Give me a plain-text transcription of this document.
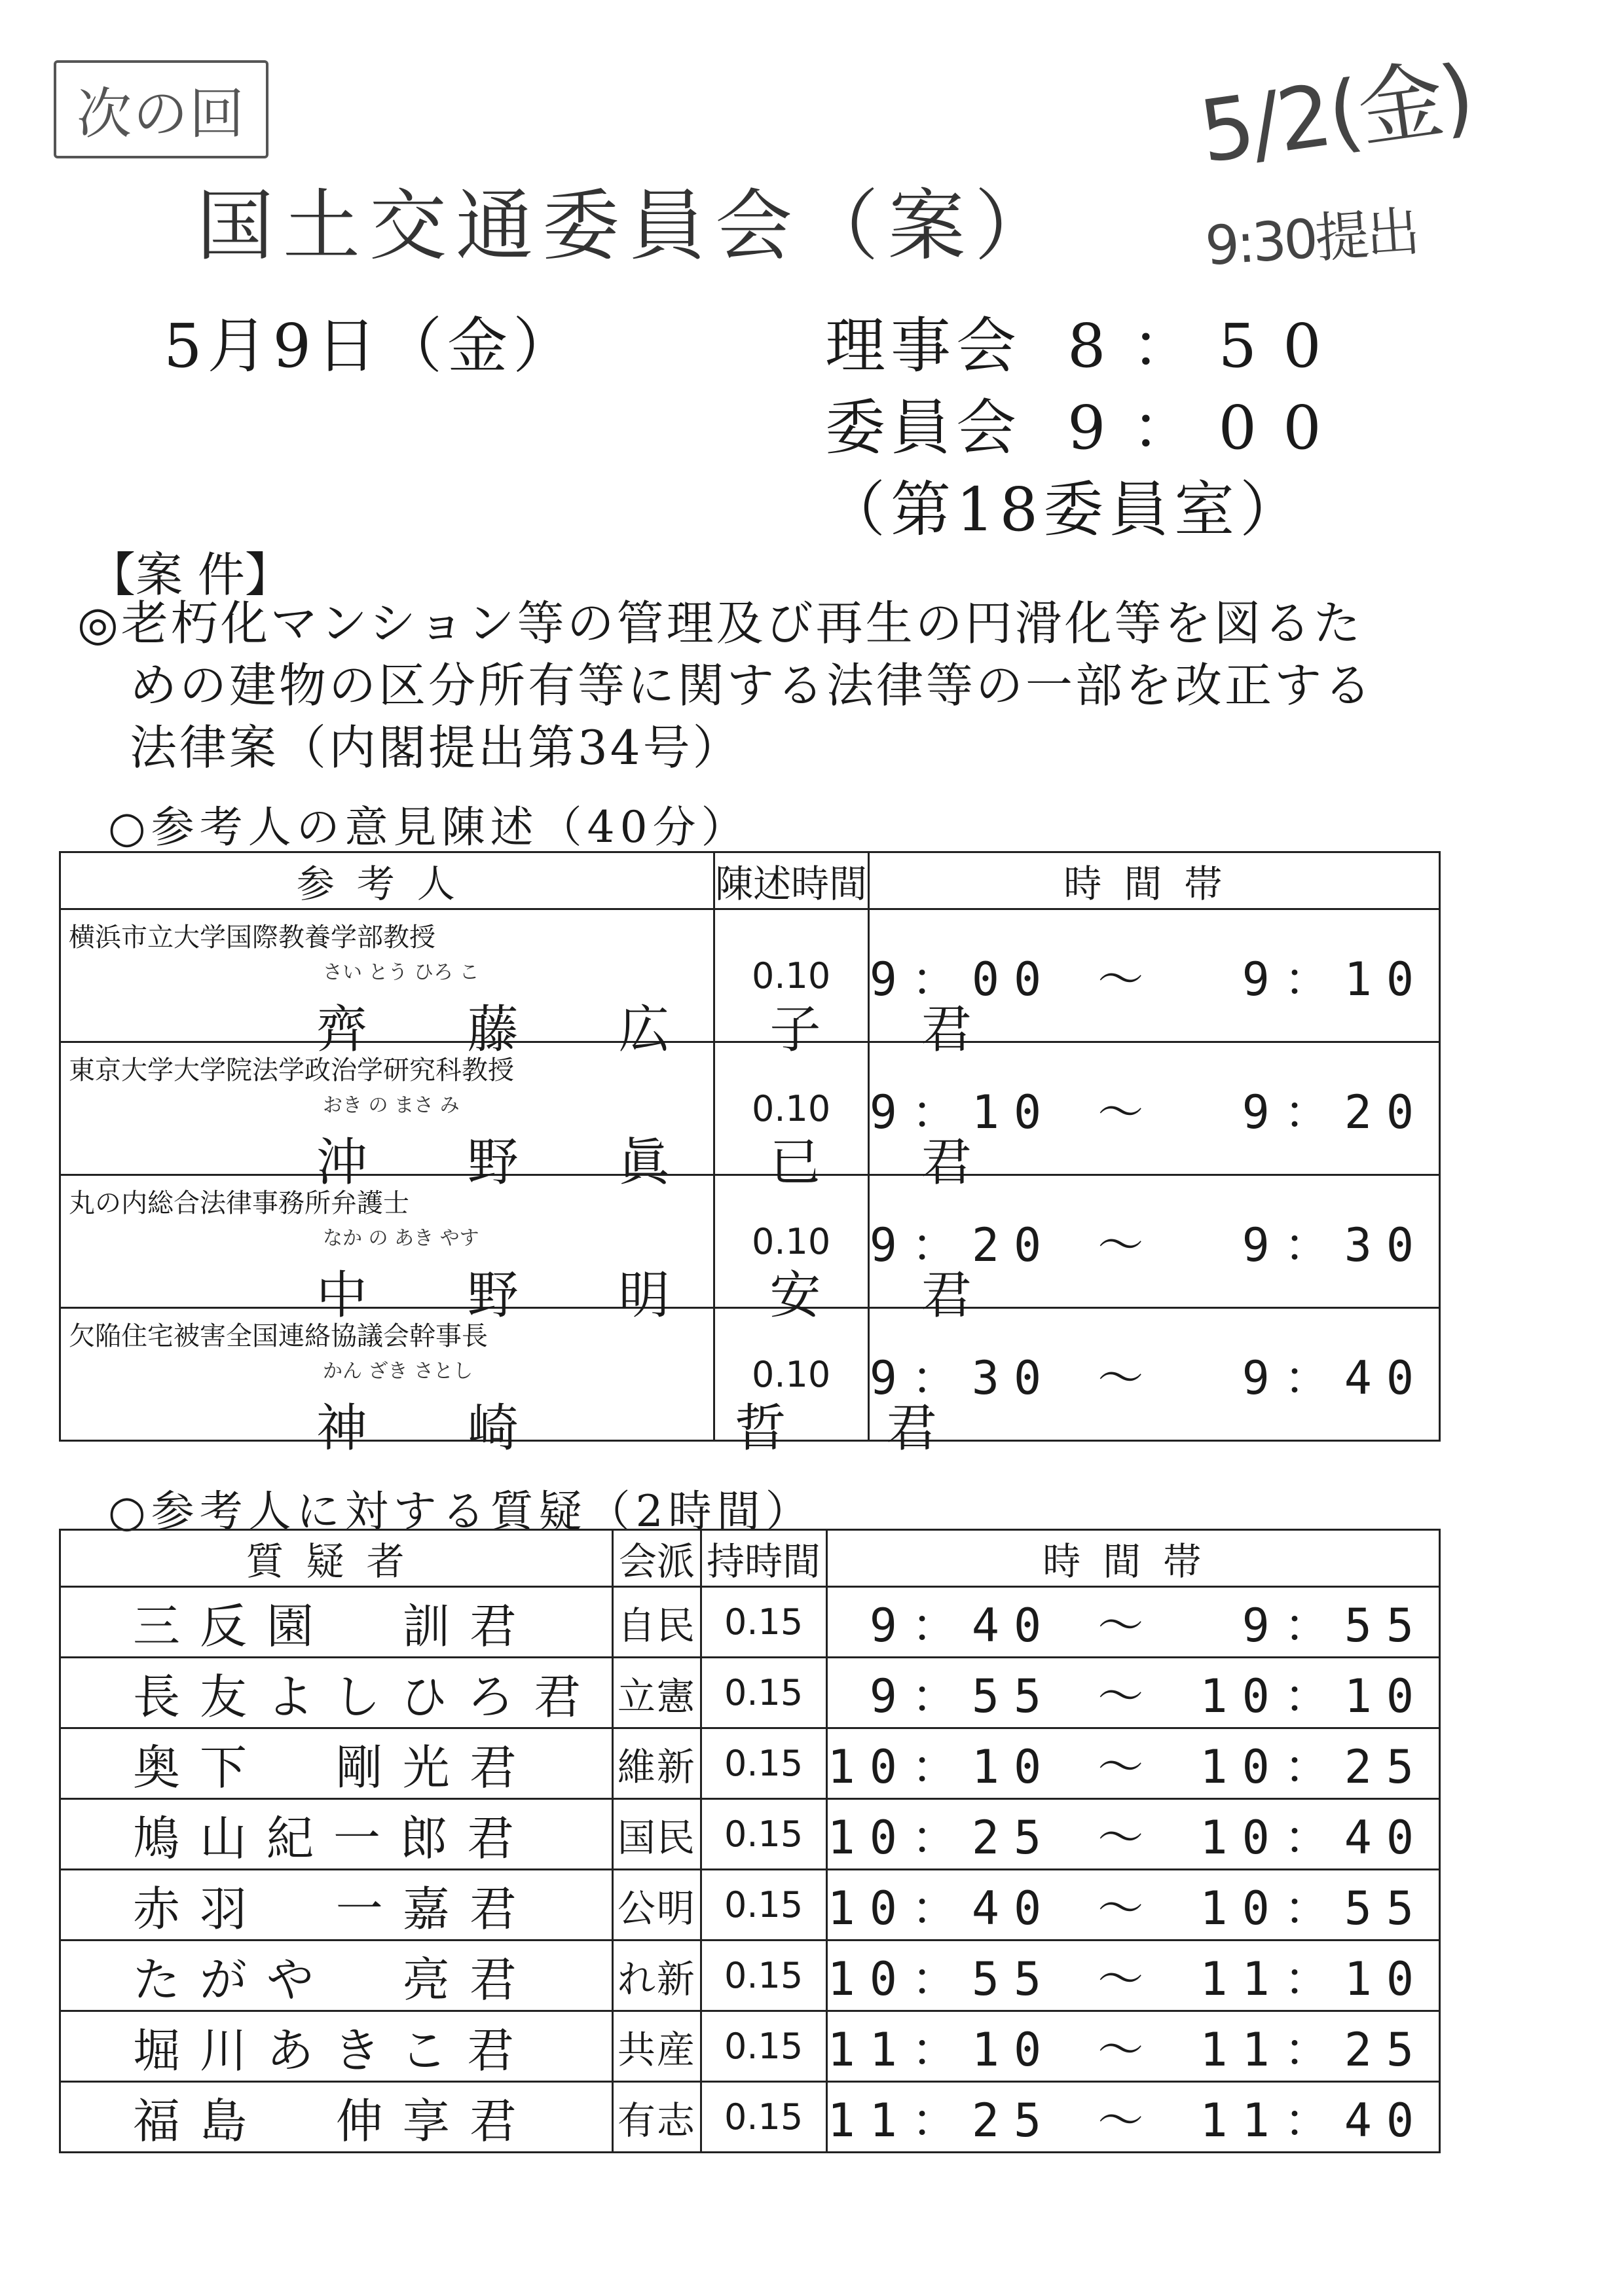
次の回	5/2(金)
9:30提出
国土交通委員会（案）
5月9日（金）	理事会 8：50
委員会 9：00
（第18委員室）
【案 件】
◎老朽化マンション等の管理及び再生の円滑化等を図るた
めの建物の区分所有等に関する法律等の一部を改正する
法律案（内閣提出第34号）
○参考人の意見陳述（40分）
参考人	陳述時間	時間帯

横浜市立大学国際教養学部教授
さい とう ひろ こ
齊 藤 広 子 君	0.10	9：00 ～  9：10

東京大学大学院法学政治学研究科教授
おき の まさ み
沖 野 眞 已 君	0.10	9：10 ～  9：20

丸の内総合法律事務所弁護士
なか の あき やす
中 野 明 安 君	0.10	9：20 ～  9：30

欠陥住宅被害全国連絡協議会幹事長
かん ざき さとし
神 崎   哲 君	0.10	9：30 ～  9：40
○参考人に対する質疑（2時間）
質疑者	会派	持時間	時間帯
三反園  訓君	自民	0.15	9：40 ～  9：55
長友よしひろ君	立憲	0.15	9：55 ～ 10：10
奥下  剛光君	維新	0.15	10：10 ～ 10：25
鳩山紀一郎君	国民	0.15	10：25 ～ 10：40
赤羽  一嘉君	公明	0.15	10：40 ～ 10：55
たがや  亮君	れ新	0.15	10：55 ～ 11：10
堀川あきこ君	共産	0.15	11：10 ～ 11：25
福島  伸享君	有志	0.15	11：25 ～ 11：40
